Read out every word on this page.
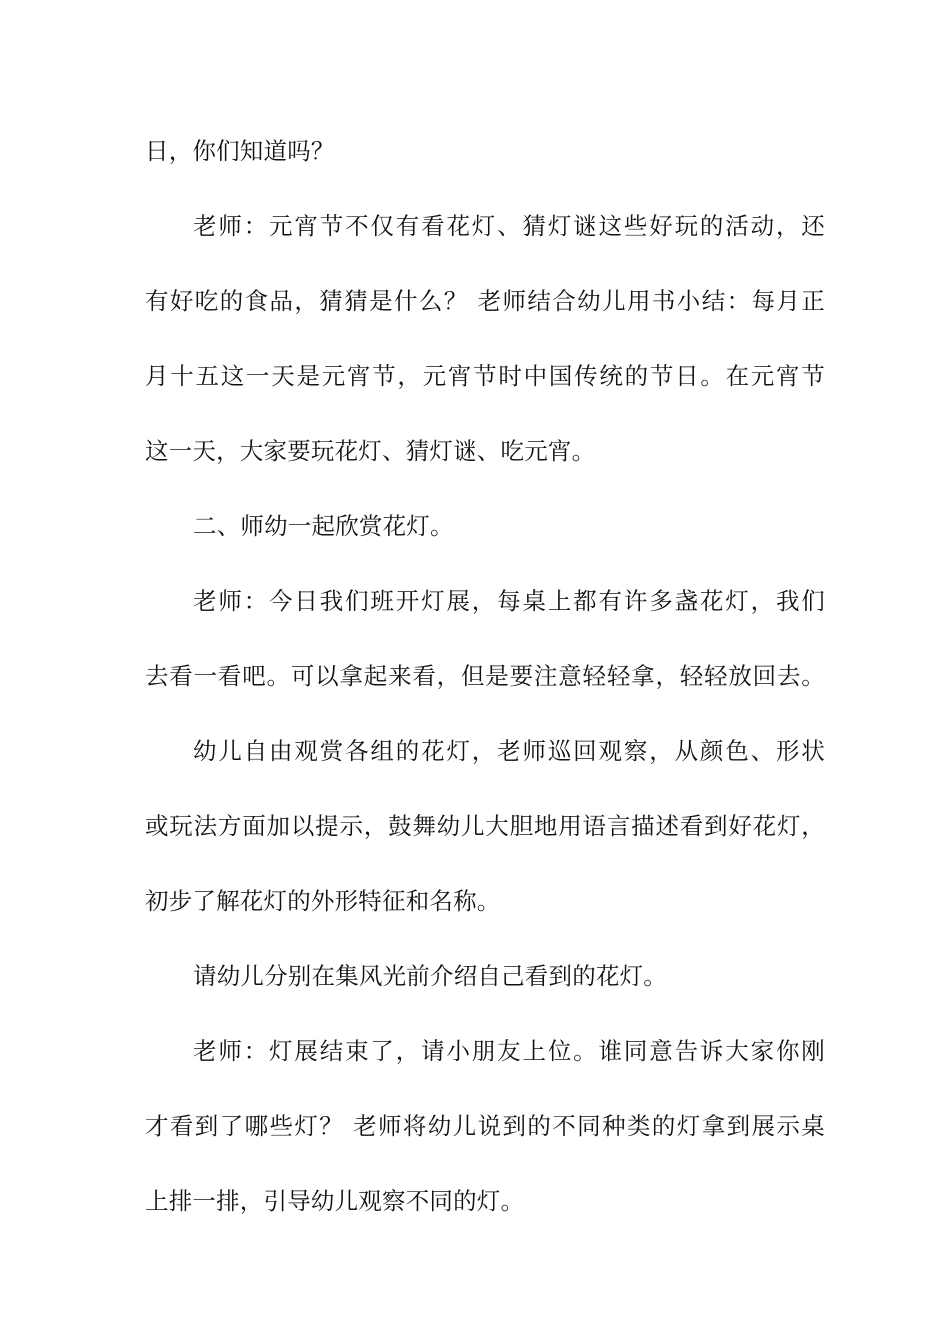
日，你们知道吗？
老师：元宵节不仅有看花灯、猜灯谜这些好玩的活动，还
有好吃的食品，猜猜是什么？ 老师结合幼儿用书小结：每月正
月十五这一天是元宵节，元宵节时中国传统的节日。在元宵节
这一天，大家要玩花灯、猜灯谜、吃元宵。
二、师幼一起欣赏花灯。
老师：今日我们班开灯展，每桌上都有许多盏花灯，我们
去看一看吧。可以拿起来看，但是要注意轻轻拿，轻轻放回去。
幼儿自由观赏各组的花灯，老师巡回观察，从颜色、形状
或玩法方面加以提示，鼓舞幼儿大胆地用语言描述看到好花灯，
初步了解花灯的外形特征和名称。
请幼儿分别在集风光前介绍自己看到的花灯。
老师：灯展结束了，请小朋友上位。谁同意告诉大家你刚
才看到了哪些灯？ 老师将幼儿说到的不同种类的灯拿到展示桌
上排一排，引导幼儿观察不同的灯。
